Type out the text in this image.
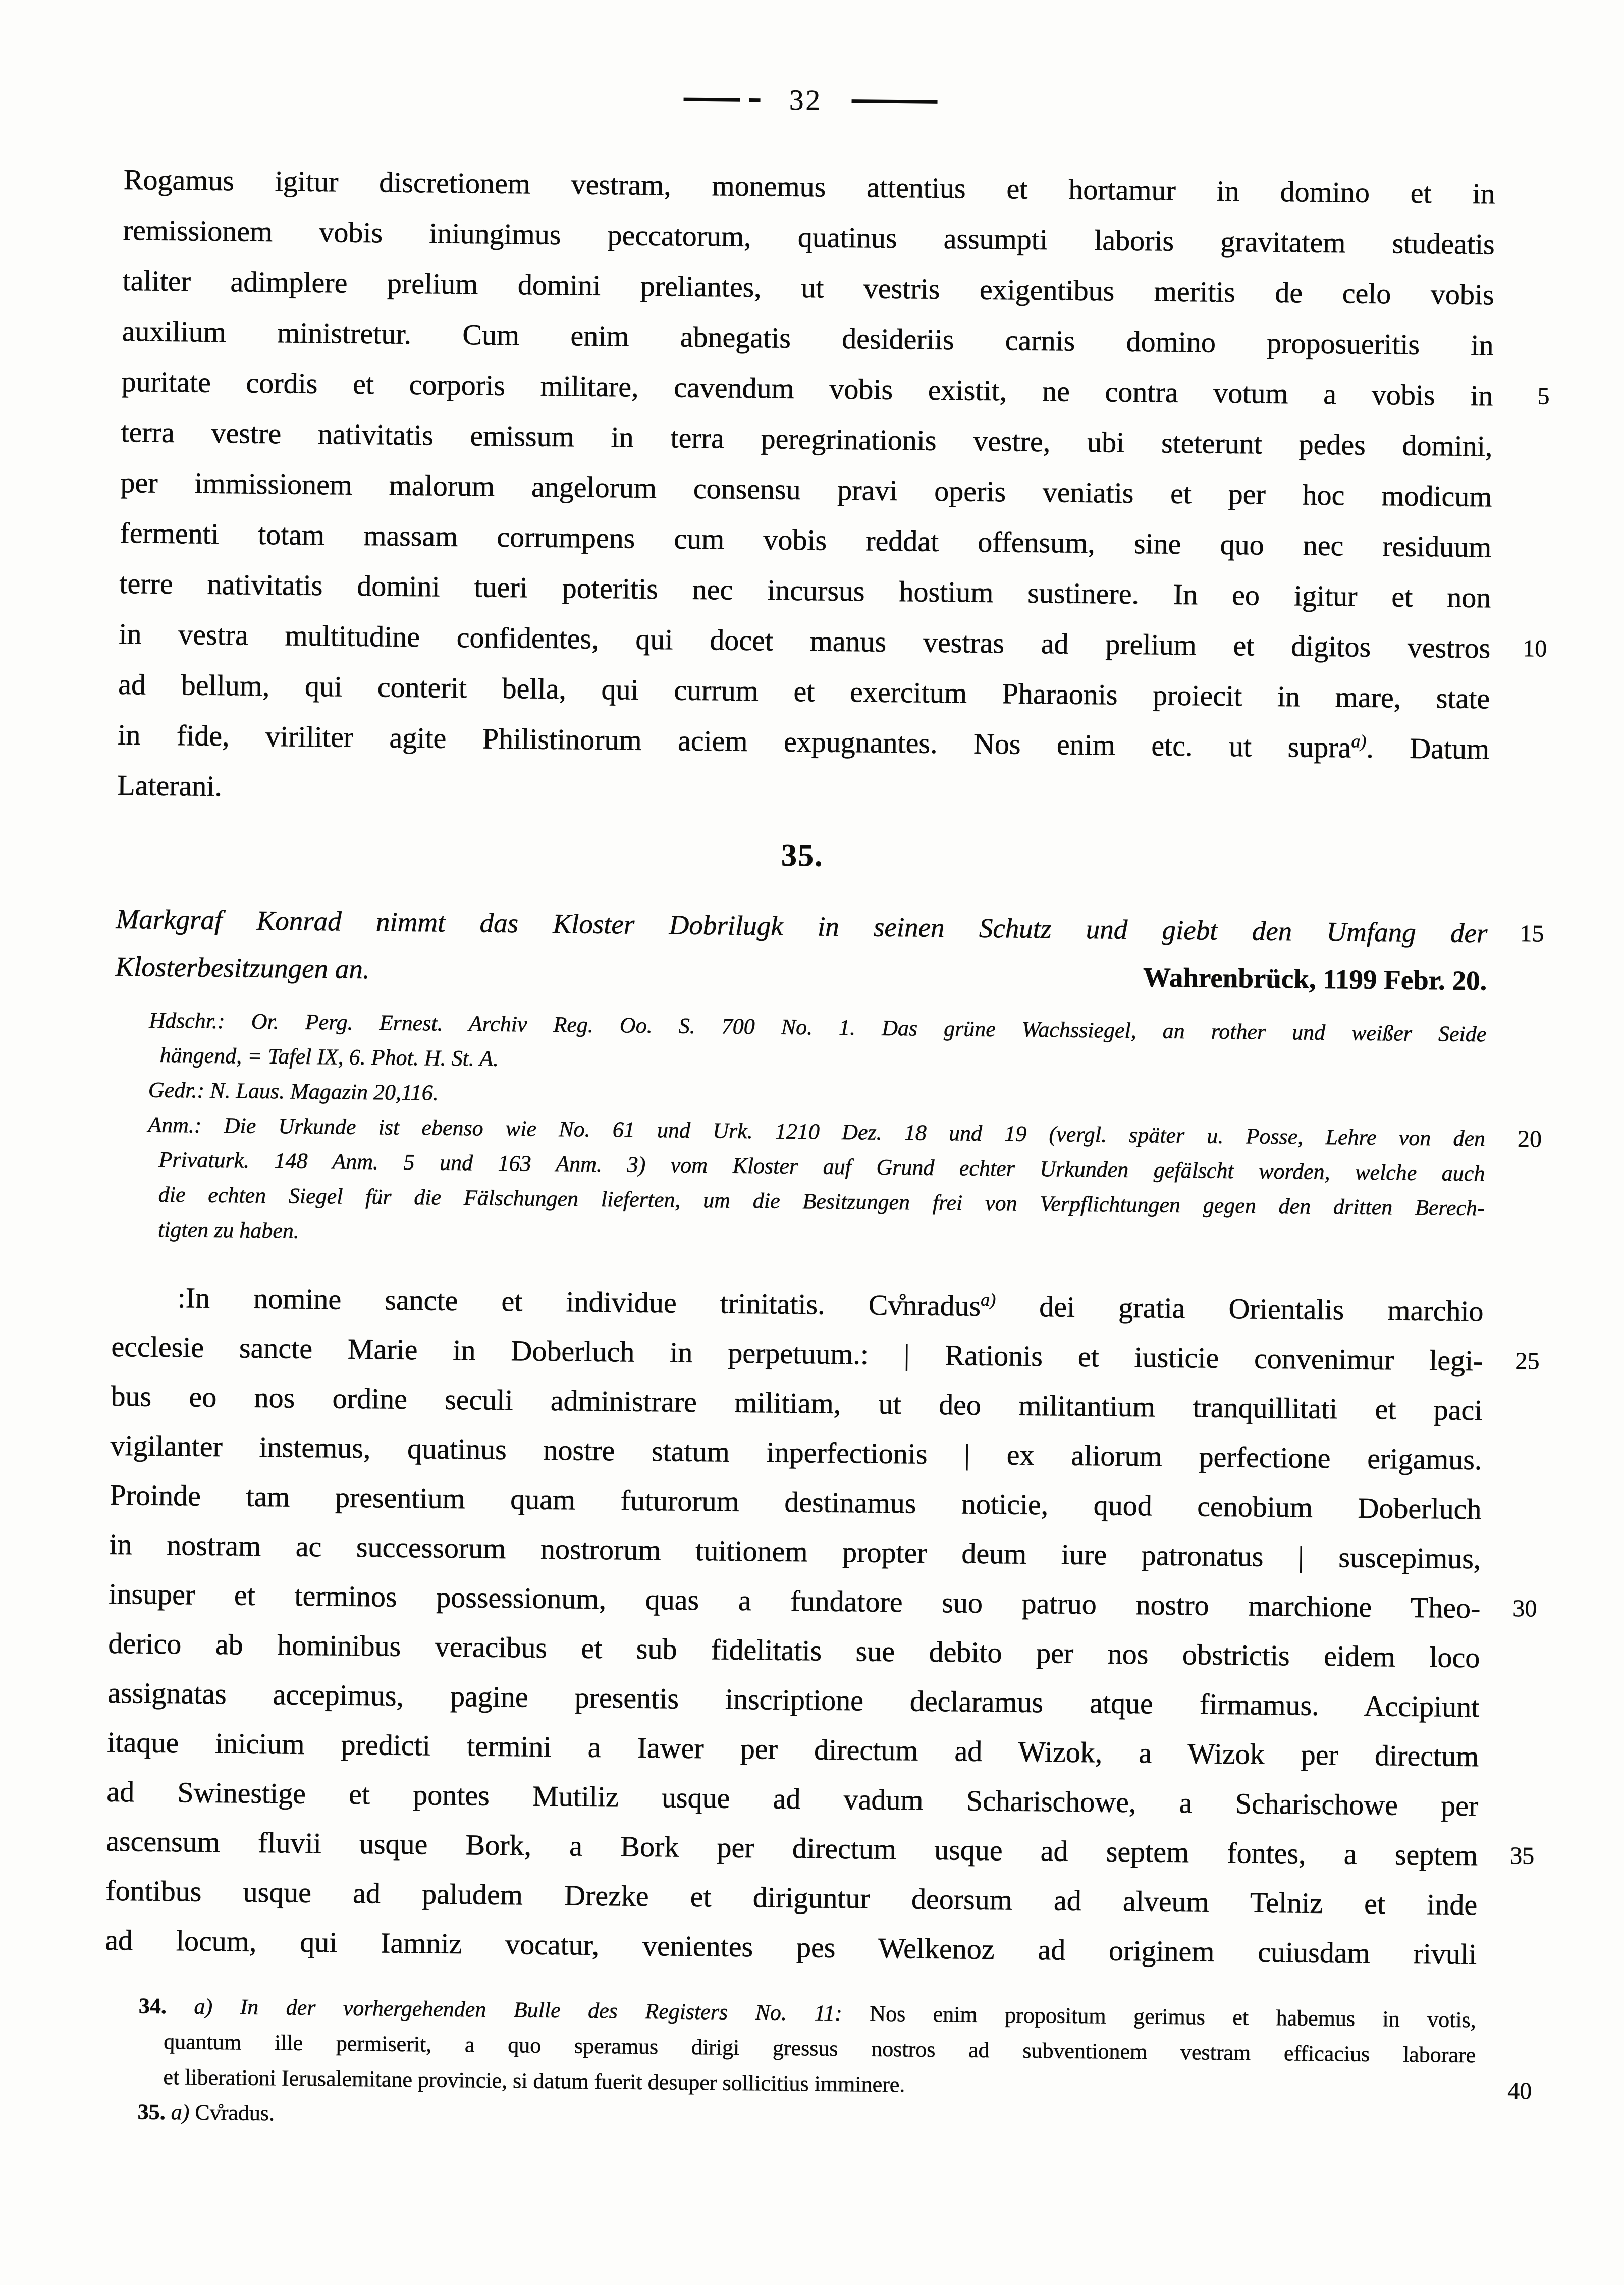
32
Rogamus igitur discretionem vestram, monemus attentius et hortamur in domino et in
remissionem vobis iniungimus peccatorum, quatinus assumpti laboris gravitatem studeatis
taliter adimplere prelium domini preliantes, ut vestris exigentibus meritis de celo vobis
auxilium ministretur. Cum enim abnegatis desideriis carnis domino proposueritis in
puritate cordis et corporis militare, cavendum vobis existit, ne contra votum a vobis in 5
terra vestre nativitatis emissum in terra peregrinationis vestre, ubi steterunt pedes domini,
per immissionem malorum angelorum consensu pravi operis veniatis et per hoc modicum
fermenti totam massam corrumpens cum vobis reddat offensum, sine quo nec residuum
terre nativitatis domini tueri poteritis nec incursus hostium sustinere. In eo igitur et non
in vestra multitudine confidentes, qui docet manus vestras ad prelium et digitos vestros 10
ad bellum, qui conterit bella, qui currum et exercitum Pharaonis proiecit in mare, state
in fide, viriliter agite Philistinorum aciem expugnantes. Nos enim etc. ut supra$^{a)}$. Datum
Laterani.
35.
Markgraf Konrad nimmt das Kloster Dobrilugk in seinen Schutz und giebt den Umfang der 15
Klosterbesitzungen an.	Wahrenbrück, 1199 Febr. 20.
Hdschr.: Or. Perg. Ernest. Archiv Reg. Oo. S. 700 No. 1. Das grüne Wachssiegel, an rother und weißer Seide
hängend, = Tafel IX, 6. Phot. H. St. A.
Gedr.: N. Laus. Magazin 20,116.
Anm.: Die Urkunde ist ebenso wie No. 61 und Urk. 1210 Dez. 18 und 19 (vergl. später u. Posse, Lehre von den 20
Privaturk. 148 Anm. 5 und 163 Anm. 3) vom Kloster auf Grund echter Urkunden gefälscht worden, welche auch
die echten Siegel für die Fälschungen lieferten, um die Besitzungen frei von Verpflichtungen gegen den dritten Berech-
tigten zu haben.
:In nomine sancte et individue trinitatis. Cv̊nradus$^{a)}$ dei gratia Orientalis marchio
ecclesie sancte Marie in Doberluch in perpetuum.: | Rationis et iusticie convenimur legi- 25
bus eo nos ordine seculi administrare militiam, ut deo militantium tranquillitati et paci
vigilanter instemus, quatinus nostre statum inperfectionis | ex aliorum perfectione erigamus.
Proinde tam presentium quam futurorum destinamus noticie, quod cenobium Doberluch
in nostram ac successorum nostrorum tuitionem propter deum iure patronatus | suscepimus,
insuper et terminos possessionum, quas a fundatore suo patruo nostro marchione Theo- 30
derico ab hominibus veracibus et sub fidelitatis sue debito per nos obstrictis eidem loco
assignatas accepimus, pagine presentis inscriptione declaramus atque firmamus. Accipiunt
itaque inicium predicti termini a Iawer per directum ad Wizok, a Wizok per directum
ad Swinestige et pontes Mutiliz usque ad vadum Scharischowe, a Scharischowe per
ascensum fluvii usque Bork, a Bork per directum usque ad septem fontes, a septem 35
fontibus usque ad paludem Drezke et diriguntur deorsum ad alveum Telniz et inde
ad locum, qui Iamniz vocatur, venientes pes Welkenoz ad originem cuiusdam rivuli
34. a) In der vorhergehenden Bulle des Registers No. 11: Nos enim propositum gerimus et habemus in votis,
quantum ille permiserit, a quo speramus dirigi gressus nostros ad subventionem vestram efficacius laborare
et liberationi Ierusalemitane provincie, si datum fuerit desuper sollicitius imminere.	40
35. a) Cv̊radus.
